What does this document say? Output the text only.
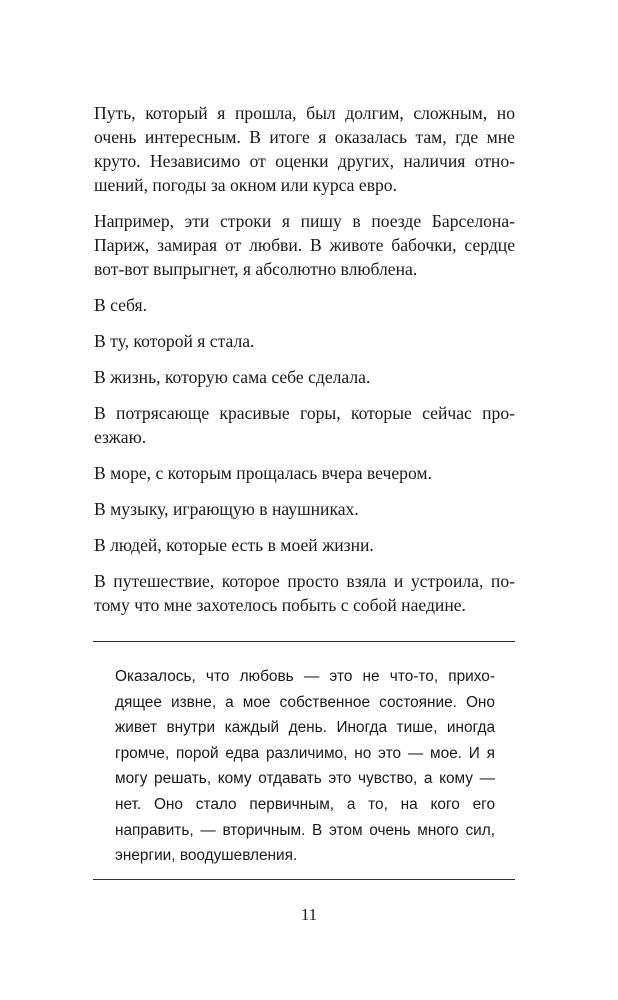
Путь, который я прошла, был долгим, сложным, но очень интересным. В итоге я оказалась там, где мне круто. Независимо от оценки других, наличия отношений, погоды за окном или курса евро.

Например, эти строки я пишу в поезде Барселона-Париж, замирая от любви. В животе бабочки, сердце вот-вот выпрыгнет, я абсолютно влюблена.

В себя.

В ту, которой я стала.

В жизнь, которую сама себе сделала.

В потрясающе красивые горы, которые сейчас проезжаю.

В море, с которым прощалась вчера вечером.

В музыку, играющую в наушниках.

В людей, которые есть в моей жизни.

В путешествие, которое просто взяла и устроила, потому что мне захотелось побыть с собой наедине.

Оказалось, что любовь — это не что-то, приходящее извне, а мое собственное состояние. Оно живет внутри каждый день. Иногда тише, иногда громче, порой едва различимо, но это — мое. И я могу решать, кому отдавать это чувство, а кому — нет. Оно стало первичным, а то, на кого его направить, — вторичным. В этом очень много сил, энергии, воодушевления.

11
